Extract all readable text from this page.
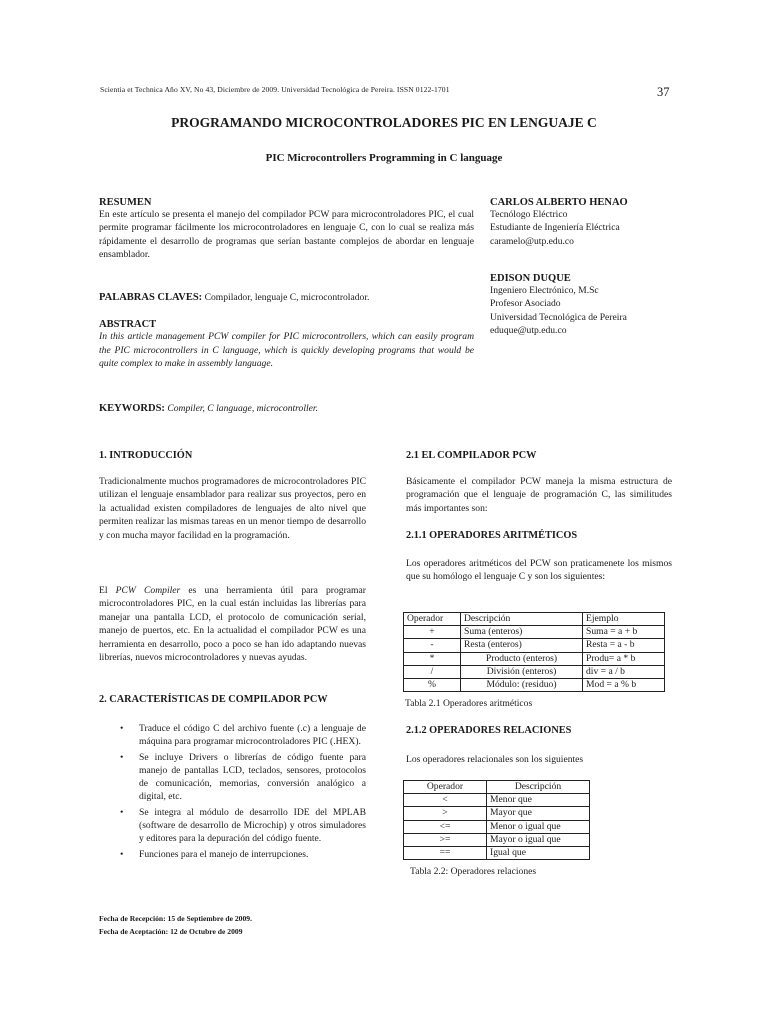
Scientia et Technica Año XV, No 43, Diciembre de 2009. Universidad Tecnológica de Pereira. ISSN 0122-1701	37
PROGRAMANDO MICROCONTROLADORES PIC EN LENGUAJE C
PIC Microcontrollers Programming in C language
RESUMEN
En este artículo se presenta el manejo del compilador PCW para microcontroladores PIC, el cual permite programar fácilmente los microcontroladores en lenguaje C, con lo cual se realiza más rápidamente el desarrollo de programas que serían bastante complejos de abordar en lenguaje ensamblador.
PALABRAS CLAVES: Compilador, lenguaje C, microcontrolador.
ABSTRACT
In this article management PCW compiler for PIC microcontrollers, which can easily program the PIC microcontrollers in C language, which is quickly developing programs that would be quite complex to make in assembly language.
KEYWORDS: Compiler, C language, microcontroller.
CARLOS ALBERTO HENAO
Tecnólogo Eléctrico
Estudiante de Ingeniería Eléctrica
caramelo@utp.edu.co
EDISON DUQUE
Ingeniero Electrónico, M.Sc
Profesor Asociado
Universidad Tecnológica de Pereira
eduque@utp.edu.co
1. INTRODUCCIÓN
Tradicionalmente muchos programadores de microcontroladores PIC utilizan el lenguaje ensamblador para realizar sus proyectos, pero en la actualidad existen compiladores de lenguajes de alto nivel que permiten realizar las mismas tareas en un menor tiempo de desarrollo y con mucha mayor facilidad en la programación.
El PCW Compiler es una herramienta útil para programar microcontroladores PIC, en la cual están incluidas las librerías para manejar una pantalla LCD, el protocolo de comunicación serial, manejo de puertos, etc. En la actualidad el compilador PCW es una herramienta en desarrollo, poco a poco se han ido adaptando nuevas librerías, nuevos microcontroladores y nuevas ayudas.
2. CARACTERÍSTICAS DE COMPILADOR PCW
• Traduce el código C del archivo fuente (.c) a lenguaje de máquina para programar microcontroladores PIC (.HEX).
• Se incluye Drivers o librerías de código fuente para manejo de pantallas LCD, teclados, sensores, protocolos de comunicación, memorias, conversión analógico a digital, etc.
• Se integra al módulo de desarrollo IDE del MPLAB (software de desarrollo de Microchip) y otros simuladores y editores para la depuración del código fuente.
• Funciones para el manejo de interrupciones.
2.1 EL COMPILADOR PCW
Básicamente el compilador PCW maneja la misma estructura de programación que el lenguaje de programación C, las similitudes más importantes son:
2.1.1 OPERADORES ARITMÉTICOS
Los operadores aritméticos del PCW son praticamenete los mismos que su homólogo el lenguaje C y son los siguientes:
Operador	Descripción	Ejemplo
+	Suma (enteros)	Suma = a + b
-	Resta (enteros)	Resta = a - b
*	Producto (enteros)	Produ= a * b
/	División (enteros)	div = a / b
%	Módulo: (residuo)	Mod = a % b
Tabla 2.1 Operadores aritméticos
2.1.2 OPERADORES RELACIONES
Los operadores relacionales son los siguientes
Operador	Descripción
<	Menor que
>	Mayor que
<=	Menor o igual que
>=	Mayor o igual que
==	Igual que
Tabla 2.2: Operadores relaciones
Fecha de Recepción: 15 de Septiembre de 2009.
Fecha de Aceptación: 12 de Octubre de 2009
